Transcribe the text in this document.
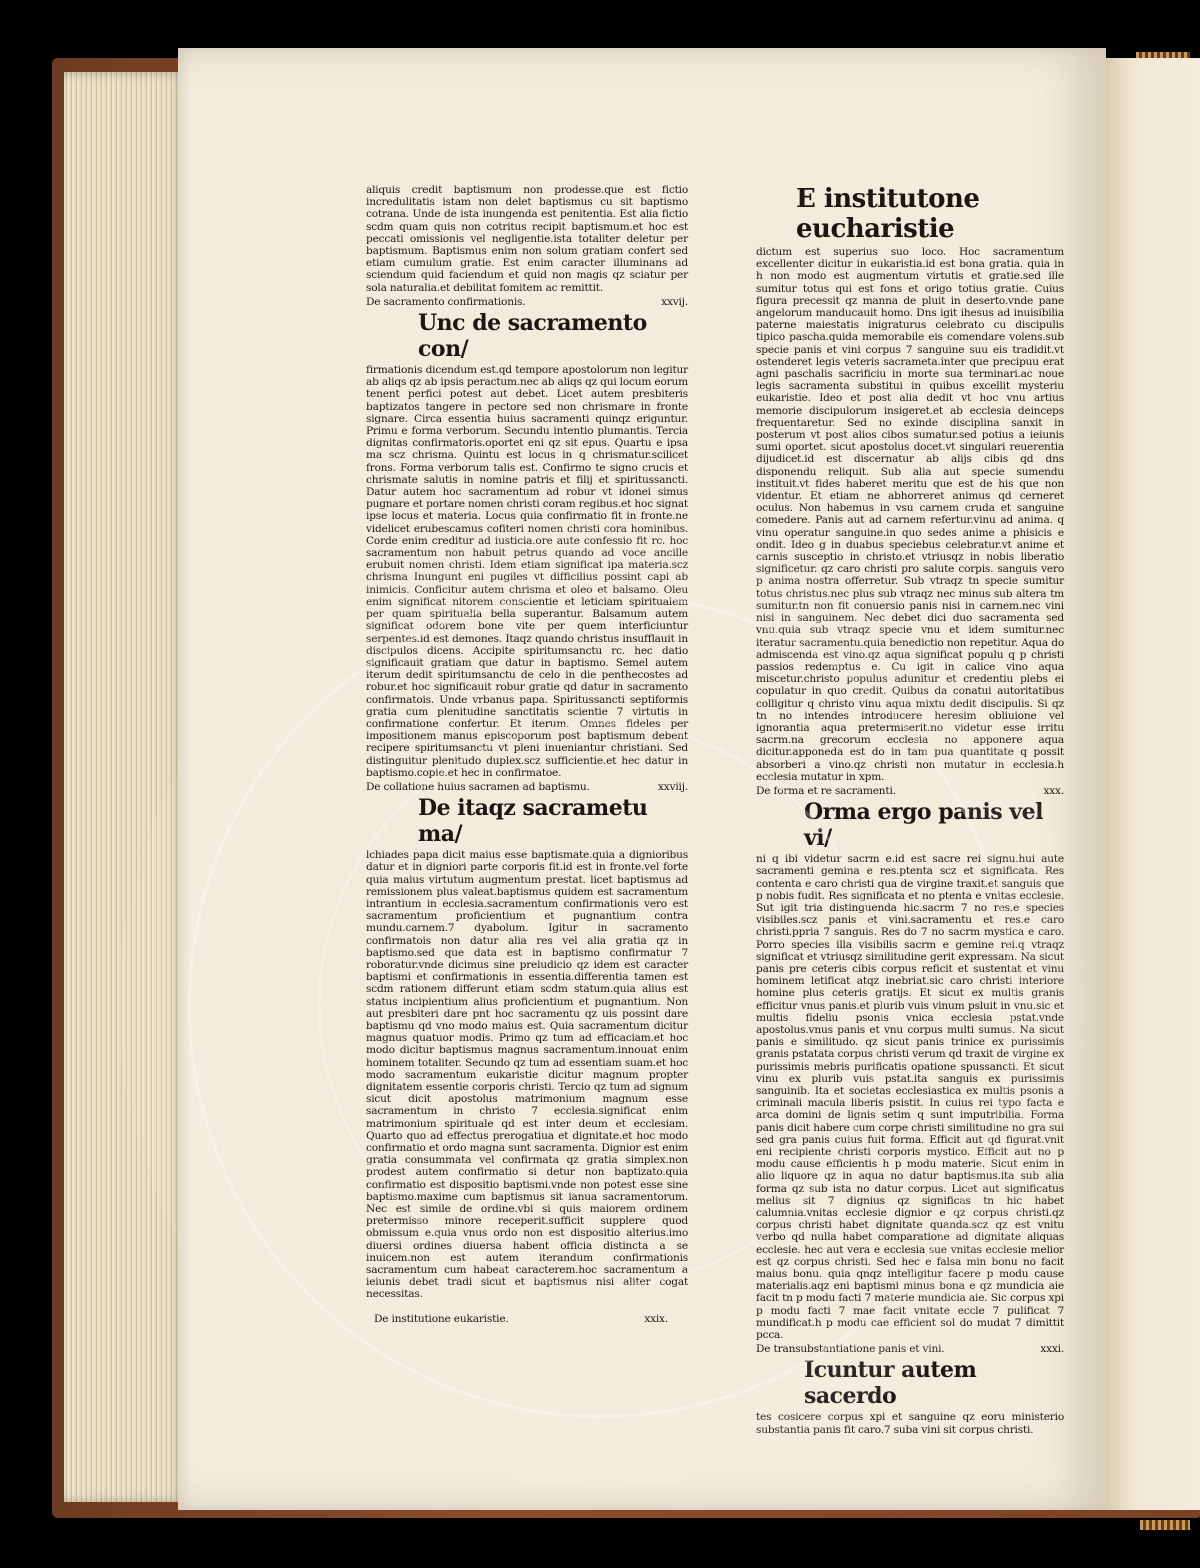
aliquis credit baptismum non prodesse.que est fictio incredulitatis istam non delet baptismus cu sit baptismo cotrana. Unde de ista inungenda est penitentia. Est alia fictio scdm quam quis non cotritus recipit baptismum.et hoc est peccati omissionis vel negligentie.ista totaliter deletur per baptismum. Baptismus enim non solum gratiam confert sed etiam cumulum gratie. Est enim caracter illuminans ad sciendum quid faciendum et quid non magis qz sciatur per sola naturalia.et debilitat fomitem ac remittit.

De sacramento confirmationis.	xxvij.
Unc de sacramento con/

firmationis dicendum est.qd tempore apostolorum non legitur ab aliqs qz ab ipsis peractum.nec ab aliqs qz qui locum eorum tenent perfici potest aut debet. Licet autem presbiteris baptizatos tangere in pectore sed non chrismare in fronte signare. Circa essentia huius sacramenti quinqz eriguntur. Primu e forma verborum. Secundu intentio plumantis. Tercia dignitas confirmatoris.oportet eni qz sit epus. Quartu e ipsa ma scz chrisma. Quintu est locus in q chrismatur.scilicet frons. Forma verborum talis est. Confirmo te signo crucis et chrismate salutis in nomine patris et filij et spiritussancti. Datur autem hoc sacramentum ad robur vt idonei simus pugnare et portare nomen christi coram regibus.et hoc signat ipse locus et materia. Locus quia confirmatio fit in fronte.ne videlicet erubescamus cofiteri nomen christi cora hominibus. Corde enim creditur ad iusticia.ore aute confessio fit rc. hoc sacramentum non habuit petrus quando ad voce ancille erubuit nomen christi. Idem etiam significat ipa materia.scz chrisma Inungunt eni pugiles vt difficilius possint capi ab inimicis. Conficitur autem chrisma et oleo et balsamo. Oleu enim significat nitorem conscientie et leticiam spiritualem per quam spiritualia bella superantur. Balsamum autem significat odorem bone vite per quem interficiuntur serpentes.id est demones. Itaqz quando christus insufflauit in discipulos dicens. Accipite spiritumsanctu rc. hec datio significauit gratiam que datur in baptismo. Semel autem iterum dedit spiritumsanctu de celo in die penthecostes ad robur.et hoc significauit robur gratie qd datur in sacramento confirmatois. Unde vrbanus papa. Spiritussancti septiformis gratia cum plenitudine sanctitatis scientie 7 virtutis in confirmatione confertur. Et iterum. Omnes fideles per impositionem manus episcoporum post baptismum debent recipere spiritumsanctu vt pleni inueniantur christiani. Sed distinguitur plenitudo duplex.scz sufficientie.et hec datur in baptismo.copie.et hec in confirmatoe.

De collatione huius sacramen ad baptismu.	xxviij.
De itaqz sacrametu ma/

lchiades papa dicit maius esse baptismate.quia a dignioribus datur et in digniori parte corporis fit.id est in fronte.vel forte quia maius virtutum augmentum prestat. licet baptismus ad remissionem plus valeat.baptismus quidem est sacramentum intrantium in ecclesia.sacramentum confirmationis vero est sacramentum proficientium et pugnantium contra mundu.carnem.7 dyabolum. Igitur in sacramento confirmatois non datur alia res vel alia gratia qz in baptismo.sed que data est in baptismo confirmatur 7 roboratur.vnde dicimus sine preiudicio qz idem est caracter baptismi et confirmationis in essentia.differentia tamen est scdm rationem differunt etiam scdm statum.quia alius est status incipientium alius proficientium et pugnantium. Non aut presbiteri dare pnt hoc sacramentu qz uis possint dare baptismu qd vno modo maius est. Quia sacramentum dicitur magnus quatuor modis. Primo qz tum ad efficaciam.et hoc modo dicitur baptismus magnus sacramentum.innouat enim hominem totaliter. Secundo qz tum ad essentiam suam.et hoc modo sacramentum eukaristie dicitur magnum propter dignitatem essentie corporis christi. Tercio qz tum ad signum sicut dicit apostolus matrimonium magnum esse sacramentum in christo 7 ecclesia.significat enim matrimonium spirituale qd est inter deum et ecclesiam. Quarto quo ad effectus prerogatiua et dignitate.et hoc modo confirmatio et ordo magna sunt sacramenta. Dignior est enim gratia consummata vel confirmata qz gratia simplex.non prodest autem confirmatio si detur non baptizato.quia confirmatio est dispositio baptismi.vnde non potest esse sine baptismo.maxime cum baptismus sit ianua sacramentorum. Nec est simile de ordine.vbi si quis maiorem ordinem pretermisso minore receperit.sufficit supplere quod obmissum e.quia vnus ordo non est dispositio alterius.imo diuersi ordines diuersa habent officia distincta a se inuicem.non est autem iterandum confirmationis sacramentum cum habeat caracterem.hoc sacramentum a ieiunis debet tradi sicut et baptismus nisi aliter cogat necessitas.

De institutione eukaristie.	xxix.
E institutone eucharistie

dictum est superius suo loco. Hoc sacramentum excellenter dicitur in eukaristia.id est bona gratia. quia in h non modo est augmentum virtutis et gratie.sed ille sumitur totus qui est fons et origo totius gratie. Cuius figura precessit qz manna de pluit in deserto.vnde pane angelorum manducauit homo. Dns igit ihesus ad inuisibilia paterne maiestatis inigraturus celebrato cu discipulis tipico pascha.quida memorabile eis comendare volens.sub specie panis et vini corpus 7 sanguine suu eis tradidit.vt ostenderet legis veteris sacrameta.inter que precipuu erat agni paschalis sacrificiu in morte sua terminari.ac noue legis sacramenta substitui in quibus excellit mysteriu eukaristie. Ideo et post alia dedit vt hoc vnu artius memorie discipulorum insigeret.et ab ecclesia deinceps frequentaretur. Sed no exinde disciplina sanxit in posterum vt post alios cibos sumatur.sed potius a ieiunis sumi oportet. sicut apostolus docet.vt singulari reuerentia dijudicet.id est discernatur ab alijs cibis qd dns disponendu reliquit. Sub alia aut specie sumendu instituit.vt fides haberet meritu que est de his que non videntur. Et etiam ne abhorreret animus qd cerneret oculus. Non habemus in vsu carnem cruda et sanguine comedere. Panis aut ad carnem refertur.vinu ad anima. q vinu operatur sanguine.in quo sedes anime a phisicis e ondit. Ideo g in duabus speciebus celebratur.vt anime et carnis susceptio in christo.et vtriusqz in nobis liberatio significetur. qz caro christi pro salute corpis. sanguis vero p anima nostra offerretur. Sub vtraqz tn specie sumitur totus christus.nec plus sub vtraqz nec minus sub altera tm sumitur.tn non fit conuersio panis nisi in carnem.nec vini nisi in sanguinem. Nec debet dici duo sacramenta sed vnu.quia sub vtraqz specie vnu et idem sumitur.nec iteratur sacramentu.quia benedictio non repetitur. Aqua do admiscenda est vino.qz aqua significat populu q p christi passios redemptus e. Cu igit in calice vino aqua miscetur.christo populus adunitur et credentiu plebs ei copulatur in quo credit. Quibus da conatui autoritatibus colligitur q christo vinu aqua mixtu dedit discipulis. Si qz tn no intendes introducere heresim obliuione vel ignorantia aqua pretermiserit.no videtur esse irritu sacrm.na grecorum ecclesia no apponere aqua dicitur.apponeda est do in tam pua quantitate q possit absorberi a vino.qz christi non mutatur in ecclesia.h ecclesia mutatur in xpm.

De forma et re sacramenti.	xxx.
Orma ergo panis vel vi/

ni q ibi videtur sacrm e.id est sacre rei signu.hui aute sacramenti gemina e res.ptenta scz et significata. Res contenta e caro christi qua de virgine traxit.et sanguis que p nobis fudit. Res significata et no ptenta e vnitas ecclesie. Sut igit tria distinguenda hic.sacrm 7 no res.e species visibiles.scz panis et vini.sacramentu et res.e caro christi.ppria 7 sanguis. Res do 7 no sacrm mystica e caro. Porro species illa visibilis sacrm e gemine rei.q vtraqz significat et vtriusqz similitudine gerit expressam. Na sicut panis pre ceteris cibis corpus reficit et sustentat et vinu hominem letificat atqz inebriat.sic caro christi interiore homine plus ceteris gratijs. Et sicut ex multis granis efficitur vnus panis.et plurib vuis vinum psluit in vnu.sic et multis fideliu psonis vnica ecclesia pstat.vnde apostolus.vnus panis et vnu corpus multi sumus. Na sicut panis e similitudo. qz sicut panis trinice ex purissimis granis pstatata corpus christi verum qd traxit de virgine ex purissimis mebris purificatis opatione spussancti. Et sicut vinu ex plurib vuis pstat.ita sanguis ex purissimis sanguinib. Ita et societas ecclesiastica ex multis psonis a criminali macula liberis psistit. In cuius rei typo facta e arca domini de lignis setim q sunt imputribilia. Forma panis dicit habere cum corpe christi similitudine no gra sui sed gra panis cuius fuit forma. Efficit aut qd figurat.vnit eni recipiente christi corporis mystico. Efficit aut no p modu cause efficientis h p modu materie. Sicut enim in alio liquore qz in aqua no datur baptismus.ita sub alia forma qz sub ista no datur corpus. Licet aut significatus melius sit 7 dignius qz significas tn hic habet calumnia.vnitas ecclesie dignior e qz corpus christi.qz corpus christi habet dignitate quanda.scz qz est vnitu verbo qd nulla habet comparatione ad dignitate aliquas ecclesie. hec aut vera e ecclesia sue vnitas ecclesie melior est qz corpus christi. Sed hec e falsa min bonu no facit maius bonu. quia qnqz intelligitur facere p modu cause materialis.aqz eni baptismi minus bona e qz mundicia aie facit tn p modu facti 7 materie mundicia aie. Sic corpus xpi p modu facti 7 mae facit vnitate eccle 7 pulificat 7 mundificat.h p modu cae efficient sol do mudat 7 dimittit pcca.

De transubstantiatione panis et vini.	xxxi.
Icuntur autem sacerdo

tes cosicere corpus xpi et sanguine qz eoru ministerio substantia panis fit caro.7 suba vini sit corpus christi.
